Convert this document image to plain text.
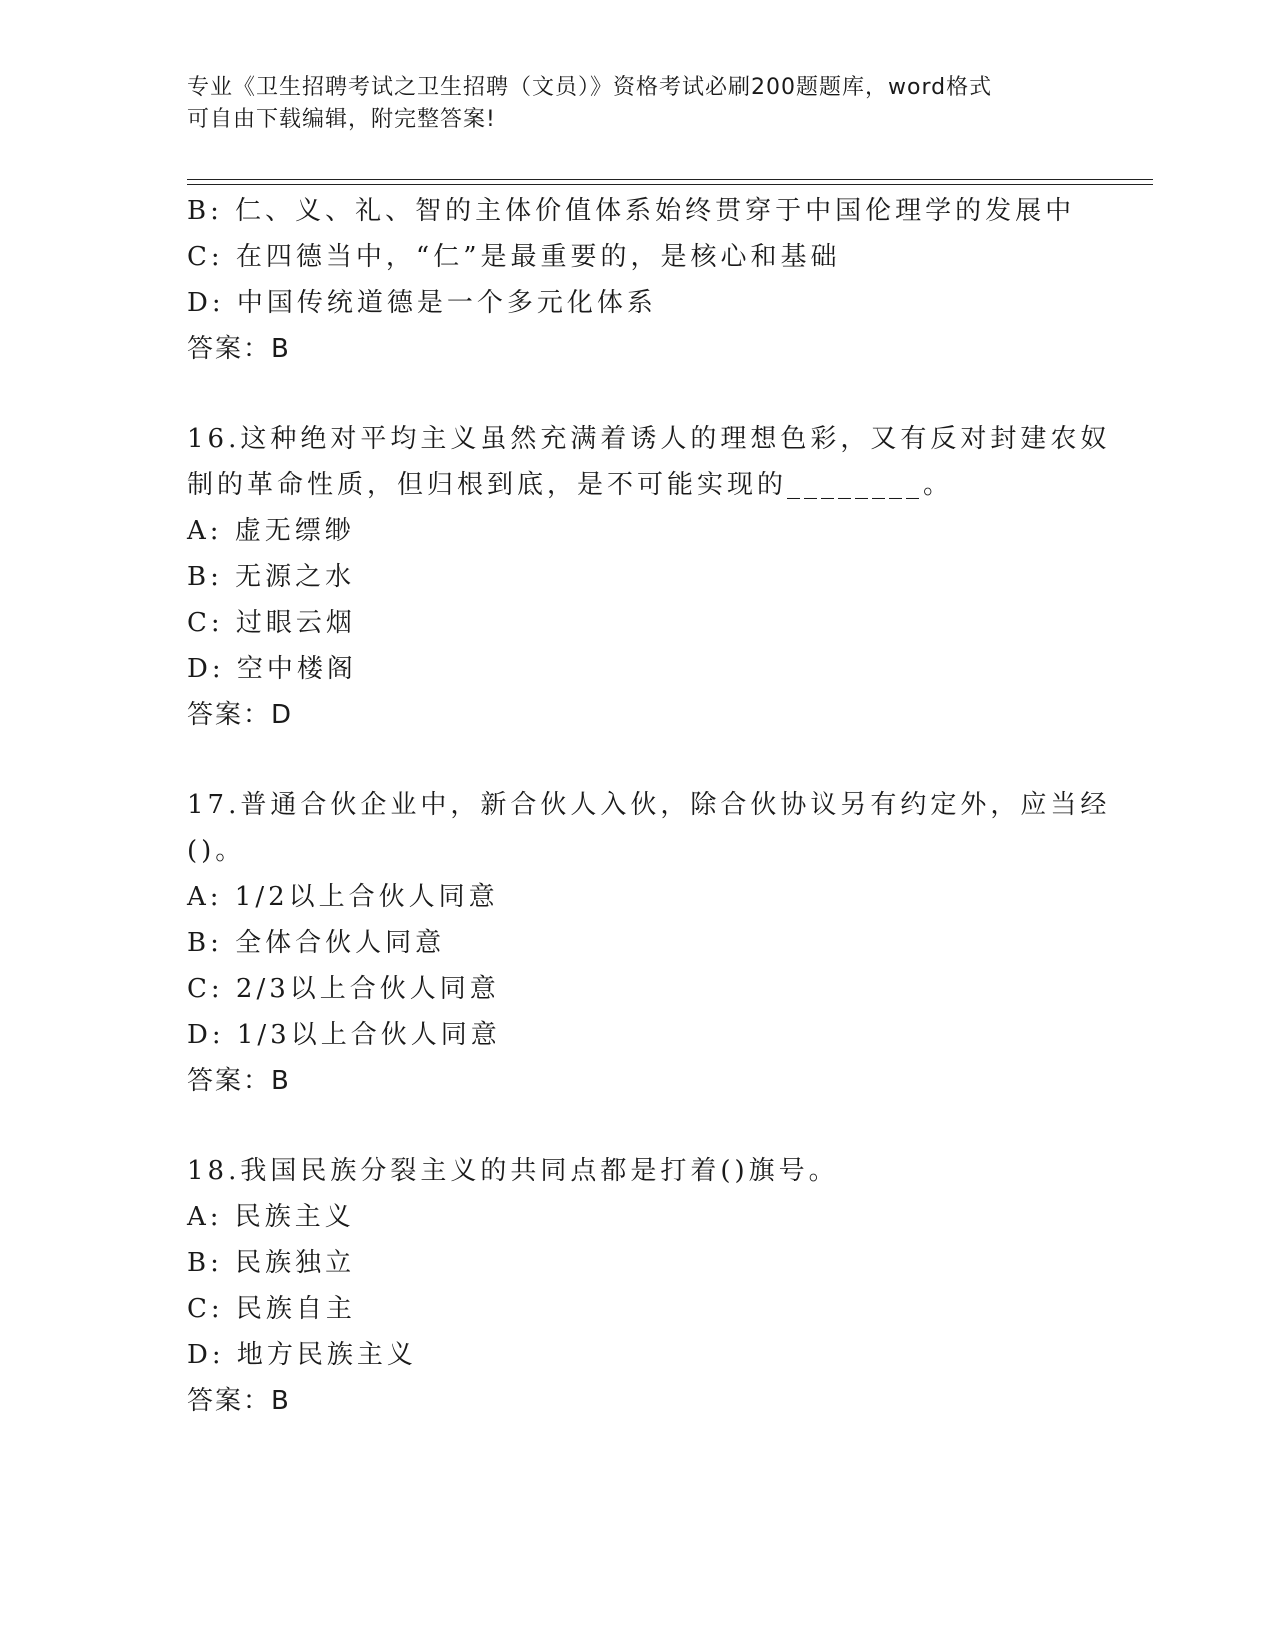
专业《卫生招聘考试之卫生招聘（文员）》资格考试必刷200题题库，word格式
可自由下载编辑，附完整答案!
B: 仁、义、礼、智的主体价值体系始终贯穿于中国伦理学的发展中
C: 在四德当中，“仁”是最重要的，是核心和基础
D: 中国传统道德是一个多元化体系
答案：B
16.这种绝对平均主义虽然充满着诱人的理想色彩，又有反对封建农奴
制的革命性质，但归根到底，是不可能实现的________。
A: 虚无缥缈
B: 无源之水
C: 过眼云烟
D: 空中楼阁
答案：D
17.普通合伙企业中，新合伙人入伙，除合伙协议另有约定外，应当经
()。
A: 1/2以上合伙人同意
B: 全体合伙人同意
C: 2/3以上合伙人同意
D: 1/3以上合伙人同意
答案：B
18.我国民族分裂主义的共同点都是打着()旗号。
A: 民族主义
B: 民族独立
C: 民族自主
D: 地方民族主义
答案：B
